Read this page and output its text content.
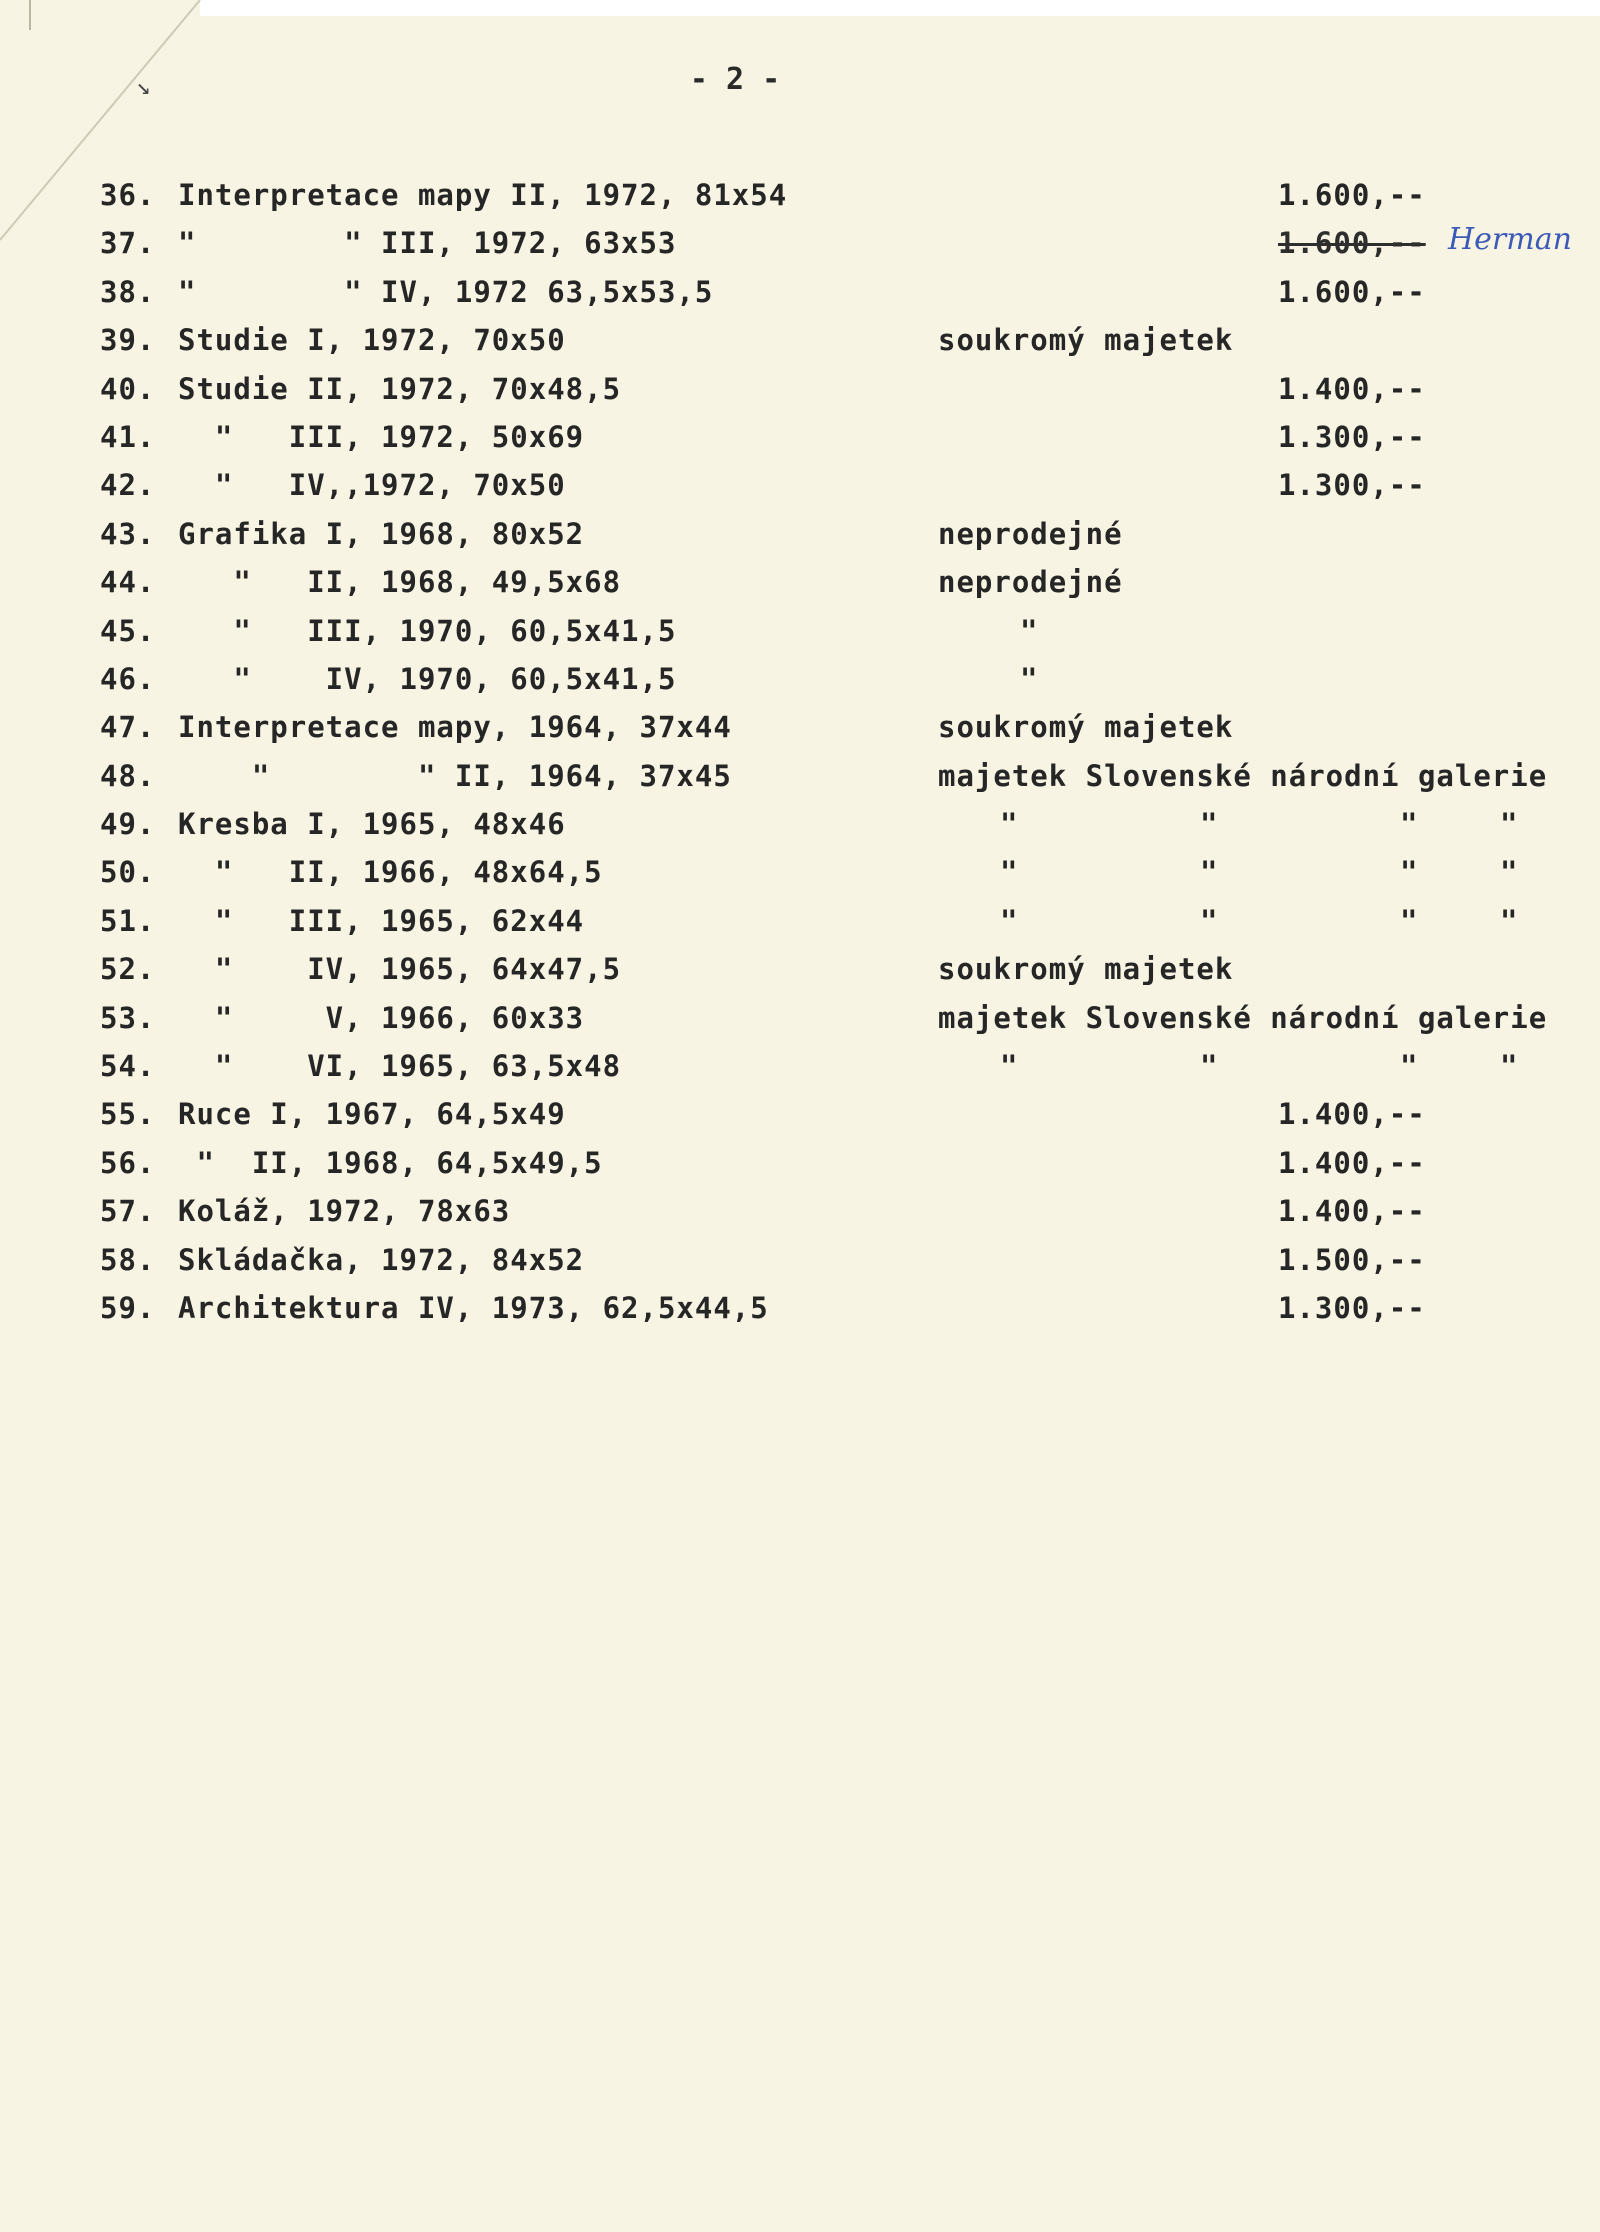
↘	- 2 -
36. Interpretace mapy II, 1972, 81x54	1.600,--
37. "        " III, 1972, 63x53	1.600,-- Herman
38. "        " IV, 1972 63,5x53,5	1.600,--
39. Studie I, 1972, 70x50	soukromý majetek
40. Studie II, 1972, 70x48,5	1.400,--
41. "   III, 1972, 50x69	1.300,--
42. "   IV,,1972, 70x50	1.300,--
43. Grafika I, 1968, 80x52	neprodejné
44. "   II, 1968, 49,5x68	neprodejné
45. "   III, 1970, 60,5x41,5	"
46. "    IV, 1970, 60,5x41,5	"
47. Interpretace mapy, 1964, 37x44	soukromý majetek
48. "        " II, 1964, 37x45	majetek Slovenské národní galerie
49. Kresba I, 1965, 48x46	"	"	"	"
50. "   II, 1966, 48x64,5	"	"	"	"
51. "   III, 1965, 62x44	"	"	"	"
52. "    IV, 1965, 64x47,5	soukromý majetek
53. "     V, 1966, 60x33	majetek Slovenské národní galerie
54. "    VI, 1965, 63,5x48	"	"	"	"
55. Ruce I, 1967, 64,5x49	1.400,--
56. "  II, 1968, 64,5x49,5	1.400,--
57. Koláž, 1972, 78x63	1.400,--
58. Skládačka, 1972, 84x52	1.500,--
59. Architektura IV, 1973, 62,5x44,5	1.300,--
